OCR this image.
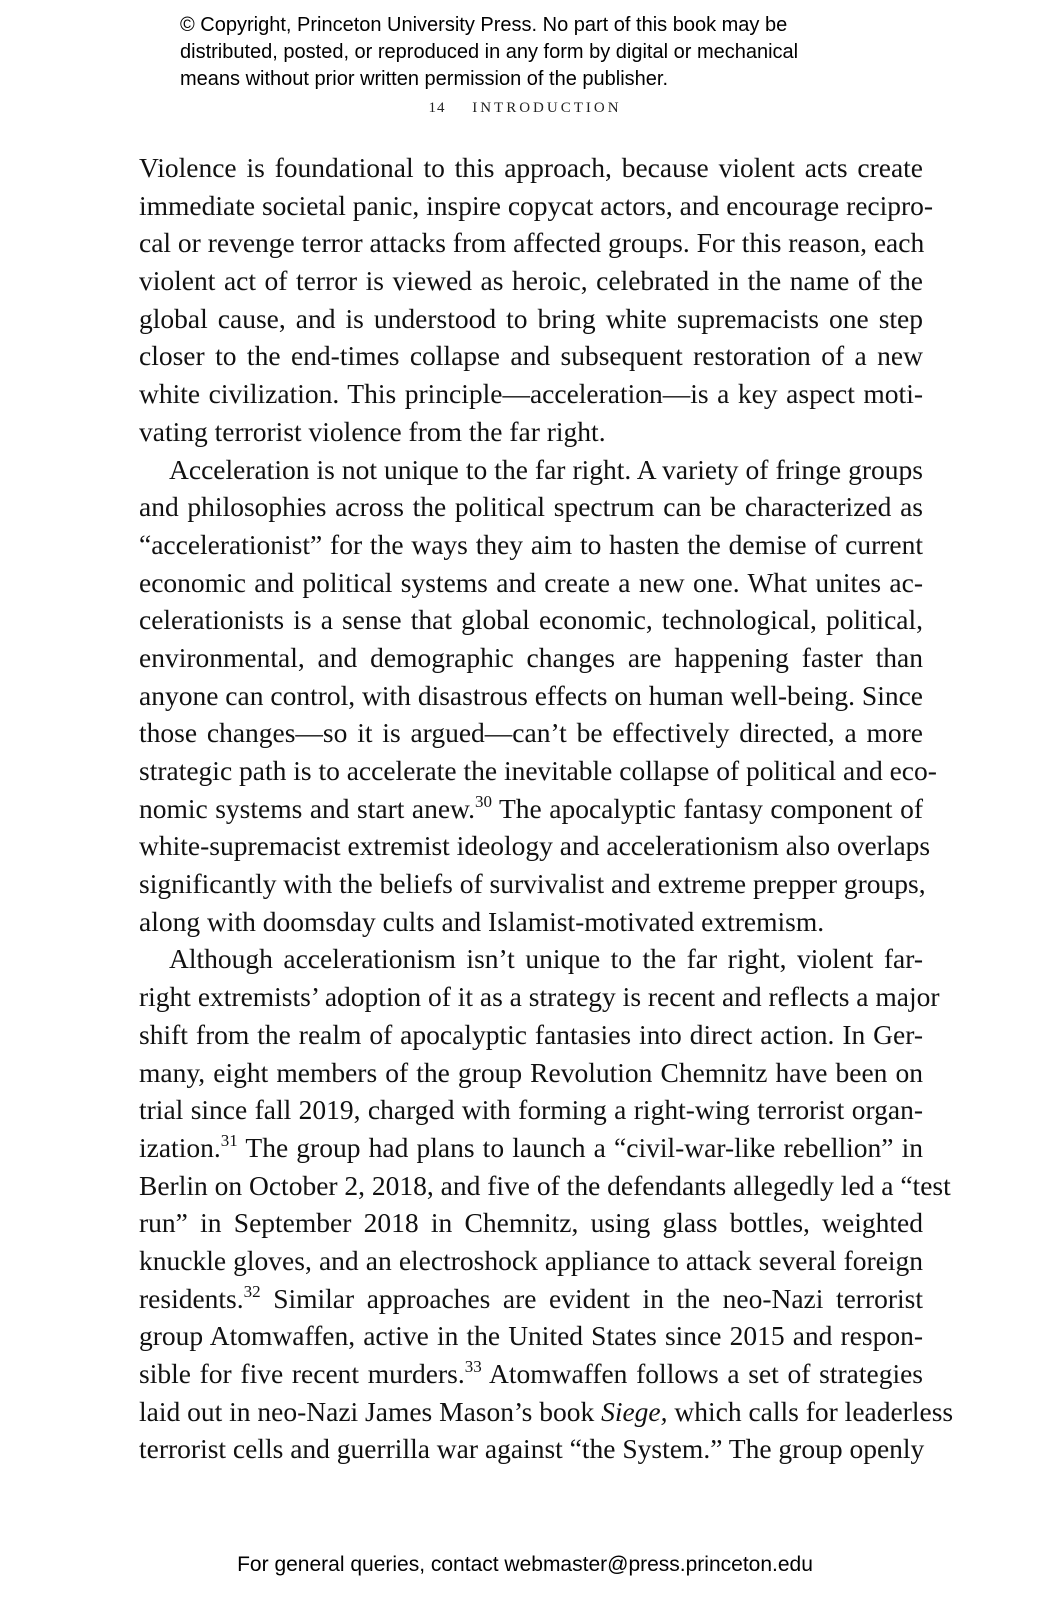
© Copyright, Princeton University Press. No part of this book may be
distributed, posted, or reproduced in any form by digital or mechanical
means without prior written permission of the publisher.
14 INTRODUCTION
Violence is foundational to this approach, because violent acts create
immediate societal panic, inspire copycat actors, and encourage recipro-
cal or revenge terror attacks from affected groups. For this reason, each
violent act of terror is viewed as heroic, celebrated in the name of the
global cause, and is understood to bring white supremacists one step
closer to the end-times collapse and subsequent restoration of a new
white civilization. This principle—acceleration—is a key aspect moti-
vating terrorist violence from the far right.
Acceleration is not unique to the far right. A variety of fringe groups
and philosophies across the political spectrum can be characterized as
“accelerationist” for the ways they aim to hasten the demise of current
economic and political systems and create a new one. What unites ac-
celerationists is a sense that global economic, technological, political,
environmental, and demographic changes are happening faster than
anyone can control, with disastrous effects on human well-being. Since
those changes—so it is argued—can’t be effectively directed, a more
strategic path is to accelerate the inevitable collapse of political and eco-
nomic systems and start anew.$^{30}$ The apocalyptic fantasy component of
white-supremacist extremist ideology and accelerationism also overlaps
significantly with the beliefs of survivalist and extreme prepper groups,
along with doomsday cults and Islamist-motivated extremism.
Although accelerationism isn’t unique to the far right, violent far-
right extremists’ adoption of it as a strategy is recent and reflects a major
shift from the realm of apocalyptic fantasies into direct action. In Ger-
many, eight members of the group Revolution Chemnitz have been on
trial since fall 2019, charged with forming a right-wing terrorist organ-
ization.$^{31}$ The group had plans to launch a “civil-war-like rebellion” in
Berlin on October 2, 2018, and five of the defendants allegedly led a “test
run” in September 2018 in Chemnitz, using glass bottles, weighted
knuckle gloves, and an electroshock appliance to attack several foreign
residents.$^{32}$ Similar approaches are evident in the neo-Nazi terrorist
group Atomwaffen, active in the United States since 2015 and respon-
sible for five recent murders.$^{33}$ Atomwaffen follows a set of strategies
laid out in neo-Nazi James Mason’s book Siege, which calls for leaderless
terrorist cells and guerrilla war against “the System.” The group openly
For general queries, contact webmaster@press.princeton.edu
